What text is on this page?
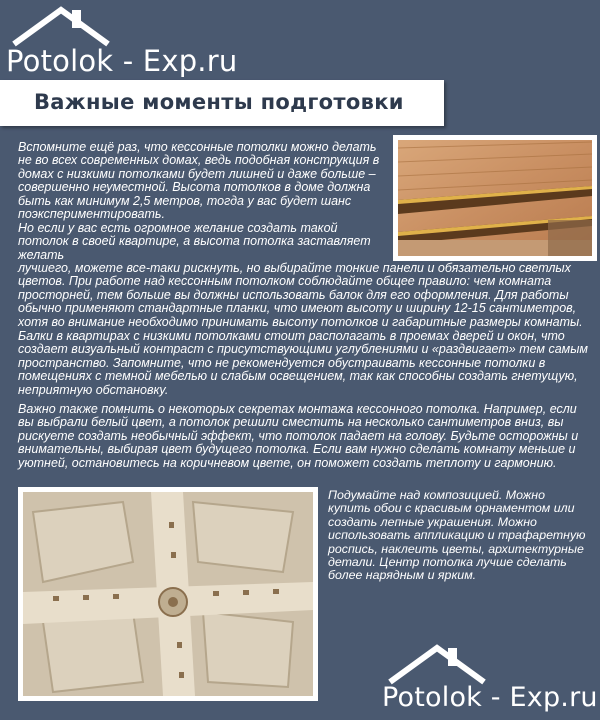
Potolok - Exp.ru
Важные моменты подготовки

Вспомните ещё раз, что кессонные потолки можно делать не во всех современных домах, ведь подобная конструкция в домах с низкими потолками будет лишней и даже больше – совершенно неуместной. Высота потолков в доме должна быть как минимум 2,5 метров, тогда у вас будет шанс поэкспериментировать.

Но если у вас есть огромное желание создать такой потолок в своей квартире, а высота потолка заставляет желать

лучшего, можете все-таки рискнуть, но выбирайте тонкие панели и обязательно светлых цветов. При работе над кессонным потолком соблюдайте общее правило: чем комната просторней, тем больше вы должны использовать балок для его оформления. Для работы обычно применяют стандартные планки, что имеют высоту и ширину 12-15 сантиметров, хотя во внимание необходимо принимать высоту потолков и габаритные размеры комнаты.

Балки в квартирах с низкими потолками стоит располагать в проемах дверей и окон, что создает визуальный контраст с присутствующими углублениями и «раздвигает» тем самым пространство. Запомните, что не рекомендуется обустраивать кессонные потолки в помещениях с темной мебелью и слабым освещением, так как способны создать гнетущую, неприятную обстановку.

Важно также помнить о некоторых секретах монтажа кессонного потолка. Например, если вы выбрали белый цвет, а потолок решили сместить на несколько сантиметров вниз, вы рискуете создать необычный эффект, что потолок падает на голову. Будьте осторожны и внимательны, выбирая цвет будущего потолка. Если вам нужно сделать комнату меньше и уютней, остановитесь на коричневом цвете, он поможет создать теплоту и гармонию.

Подумайте над композицией. Можно купить обои с красивым орнаментом или создать лепные украшения. Можно использовать аппликацию и трафаретную роспись, наклеить цветы, архитектурные детали. Центр потолка лучше сделать более нарядным и ярким.

Potolok - Exp.ru
